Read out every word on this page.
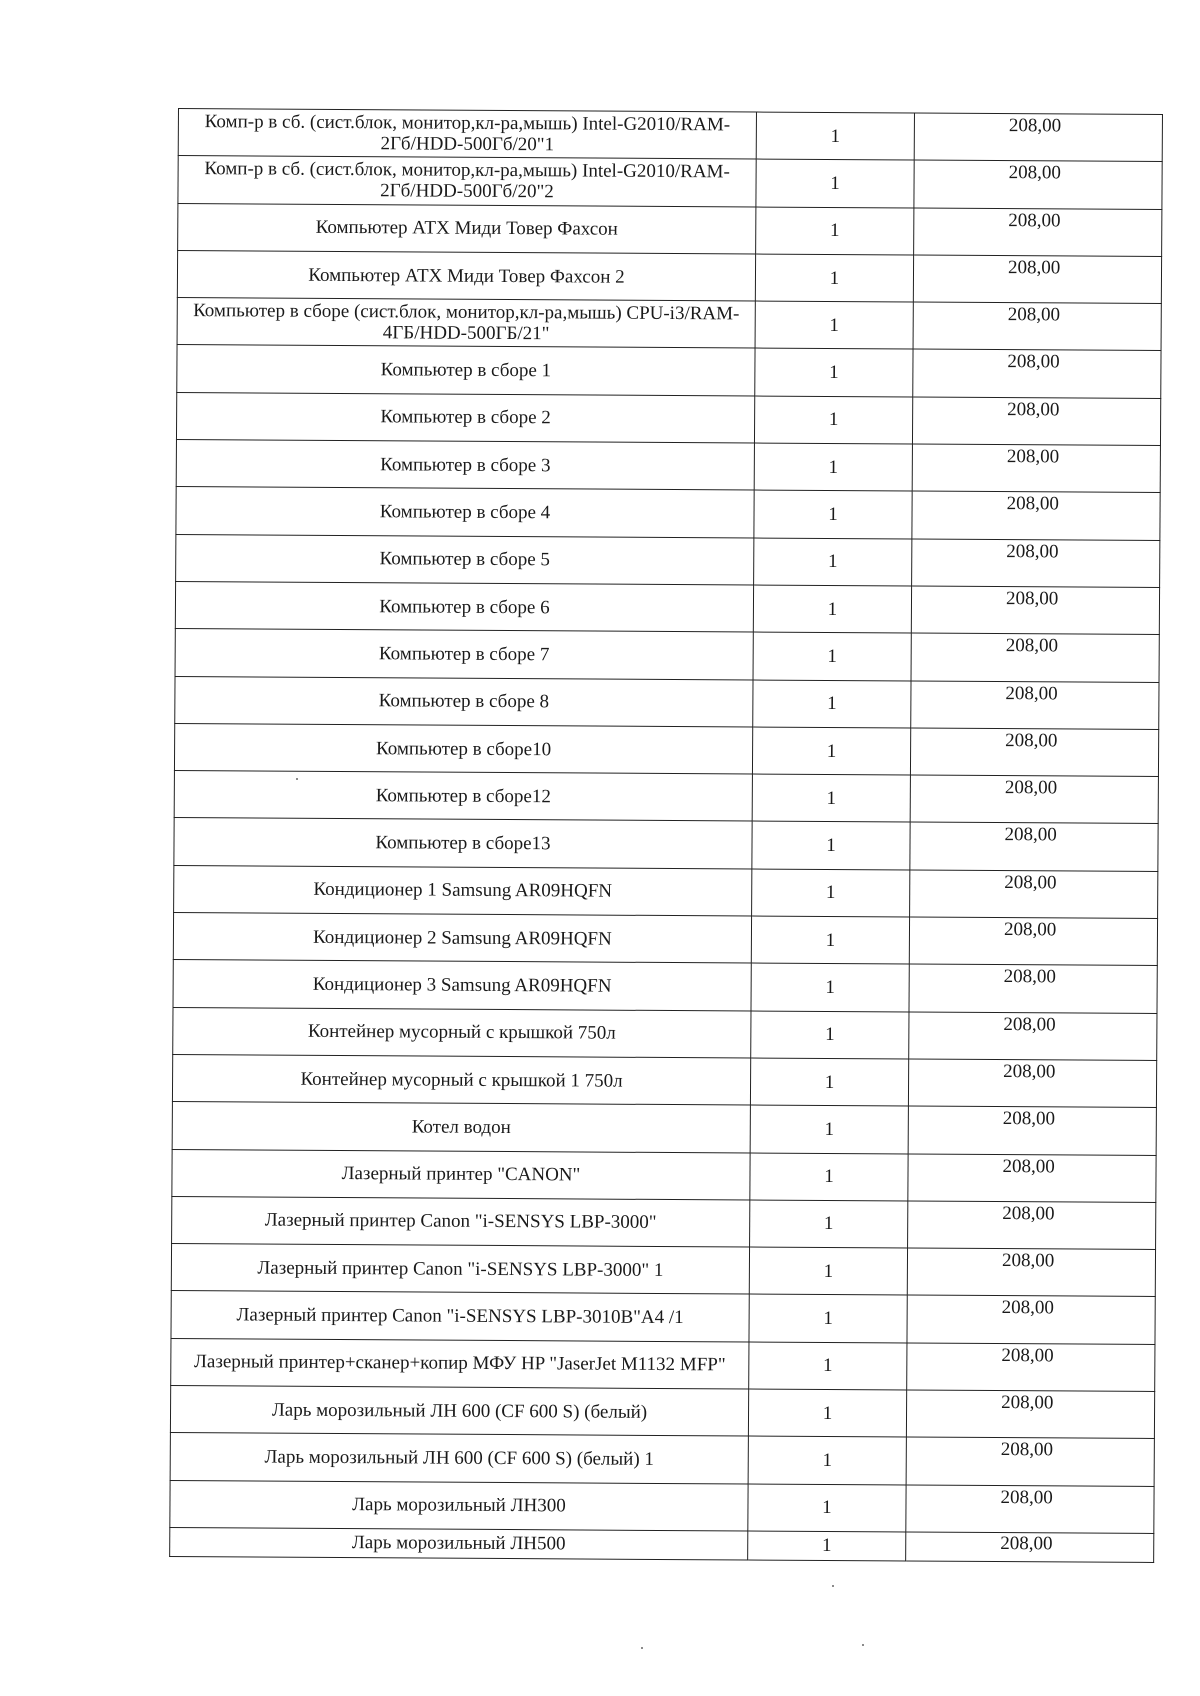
Комп-р в сб. (сист.блок, монитор,кл-ра,мышь) Intel-G2010/RAM-2Гб/HDD-500Гб/20"1	1	208,00

Комп-р в сб. (сист.блок, монитор,кл-ра,мышь) Intel-G2010/RAM-2Гб/HDD-500Гб/20"2	1	208,00

Компьютер АТХ Миди Товер Фахсон	1	208,00

Компьютер АТХ Миди Товер Фахсон 2	1	208,00

Компьютер в сборе (сист.блок, монитор,кл-ра,мышь) CPU-i3/RAM-4ГБ/HDD-500ГБ/21"	1	208,00

Компьютер в сборе 1	1	208,00

Компьютер в сборе 2	1	208,00

Компьютер в сборе 3	1	208,00

Компьютер в сборе 4	1	208,00

Компьютер в сборе 5	1	208,00

Компьютер в сборе 6	1	208,00

Компьютер в сборе 7	1	208,00

Компьютер в сборе 8	1	208,00

Компьютер в сборе10	1	208,00

Компьютер в сборе12	1	208,00

Компьютер в сборе13	1	208,00

Кондиционер 1 Samsung AR09HQFN	1	208,00

Кондиционер 2 Samsung AR09HQFN	1	208,00

Кондиционер 3 Samsung AR09HQFN	1	208,00

Контейнер мусорный с крышкой 750л	1	208,00

Контейнер мусорный с крышкой 1 750л	1	208,00

Котел водон	1	208,00

Лазерный принтер "CANON"	1	208,00

Лазерный принтер Canon "i-SENSYS LBP-3000"	1	208,00

Лазерный принтер Canon "i-SENSYS LBP-3000" 1	1	208,00

Лазерный принтер Canon "i-SENSYS LBP-3010B"A4 /1	1	208,00

Лазерный принтер+сканер+копир МФУ HP "JaserJet M1132 MFP"	1	208,00

Ларь морозильный ЛН 600 (CF 600 S) (белый)	1	208,00

Ларь морозильный ЛН 600 (CF 600 S) (белый) 1	1	208,00

Ларь морозильный ЛН300	1	208,00

Ларь морозильный ЛН500	1	208,00
